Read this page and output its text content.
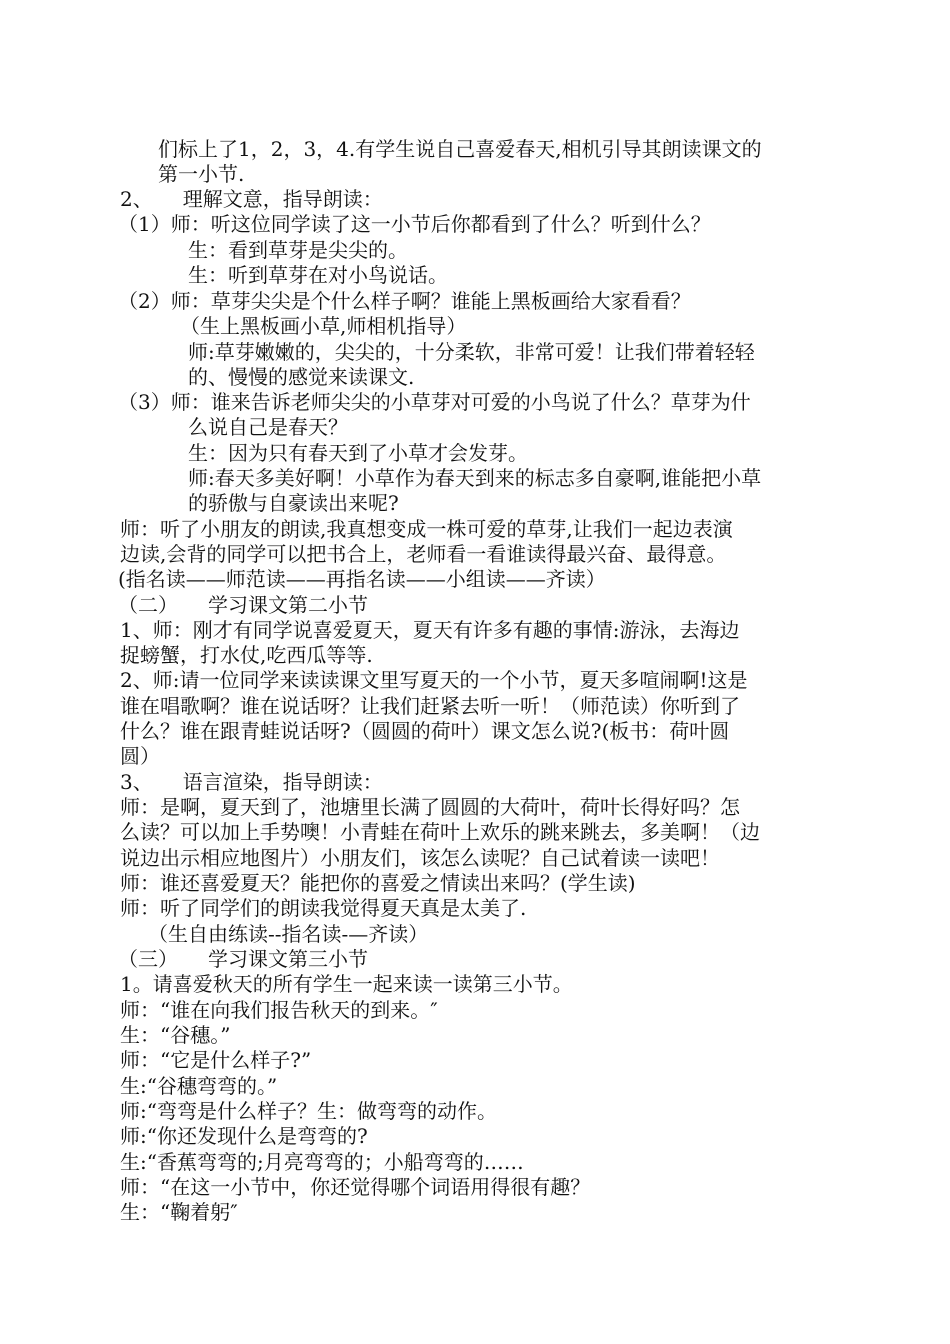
们标上了1，2，3，4.有学生说自己喜爱春天,相机引导其朗读课文的
第一小节.
2、　　理解文意，指导朗读：
（1）师：听这位同学读了这一小节后你都看到了什么？听到什么？
生：看到草芽是尖尖的。
生：听到草芽在对小鸟说话。
（2）师：草芽尖尖是个什么样子啊？谁能上黑板画给大家看看？
（生上黑板画小草,师相机指导）
师:草芽嫩嫩的，尖尖的，十分柔软，非常可爱！让我们带着轻轻
的、慢慢的感觉来读课文.
（3）师：谁来告诉老师尖尖的小草芽对可爱的小鸟说了什么？草芽为什
么说自己是春天？
生：因为只有春天到了小草才会发芽。
师:春天多美好啊！小草作为春天到来的标志多自豪啊,谁能把小草
的骄傲与自豪读出来呢?
师：听了小朋友的朗读,我真想变成一株可爱的草芽,让我们一起边表演
边读,会背的同学可以把书合上，老师看一看谁读得最兴奋、最得意。
(指名读——师范读——再指名读——小组读——齐读）
（二）　　学习课文第二小节
1、师：刚才有同学说喜爱夏天，夏天有许多有趣的事情:游泳，去海边
捉螃蟹，打水仗,吃西瓜等等.
2、师:请一位同学来读读课文里写夏天的一个小节，夏天多喧闹啊!这是
谁在唱歌啊？谁在说话呀？让我们赶紧去听一听！（师范读）你听到了
什么？谁在跟青蛙说话呀?（圆圆的荷叶）课文怎么说?(板书：荷叶圆
圆）
3、　　语言渲染，指导朗读：
师：是啊，夏天到了，池塘里长满了圆圆的大荷叶，荷叶长得好吗？怎
么读？可以加上手势噢！小青蛙在荷叶上欢乐的跳来跳去，多美啊！（边
说边出示相应地图片）小朋友们，该怎么读呢？自己试着读一读吧！
师：谁还喜爱夏天？能把你的喜爱之情读出来吗？(学生读)
师：听了同学们的朗读我觉得夏天真是太美了.
（生自由练读--指名读-—齐读）
（三）　　学习课文第三小节
1。请喜爱秋天的所有学生一起来读一读第三小节。
师：“谁在向我们报告秋天的到来。″
生：“谷穗。”
师：“它是什么样子?”
生:“谷穗弯弯的。”
师:“弯弯是什么样子？生：做弯弯的动作。
师:“你还发现什么是弯弯的?
生:“香蕉弯弯的;月亮弯弯的；小船弯弯的……
师：“在这一小节中，你还觉得哪个词语用得很有趣？
生：“鞠着躬″
